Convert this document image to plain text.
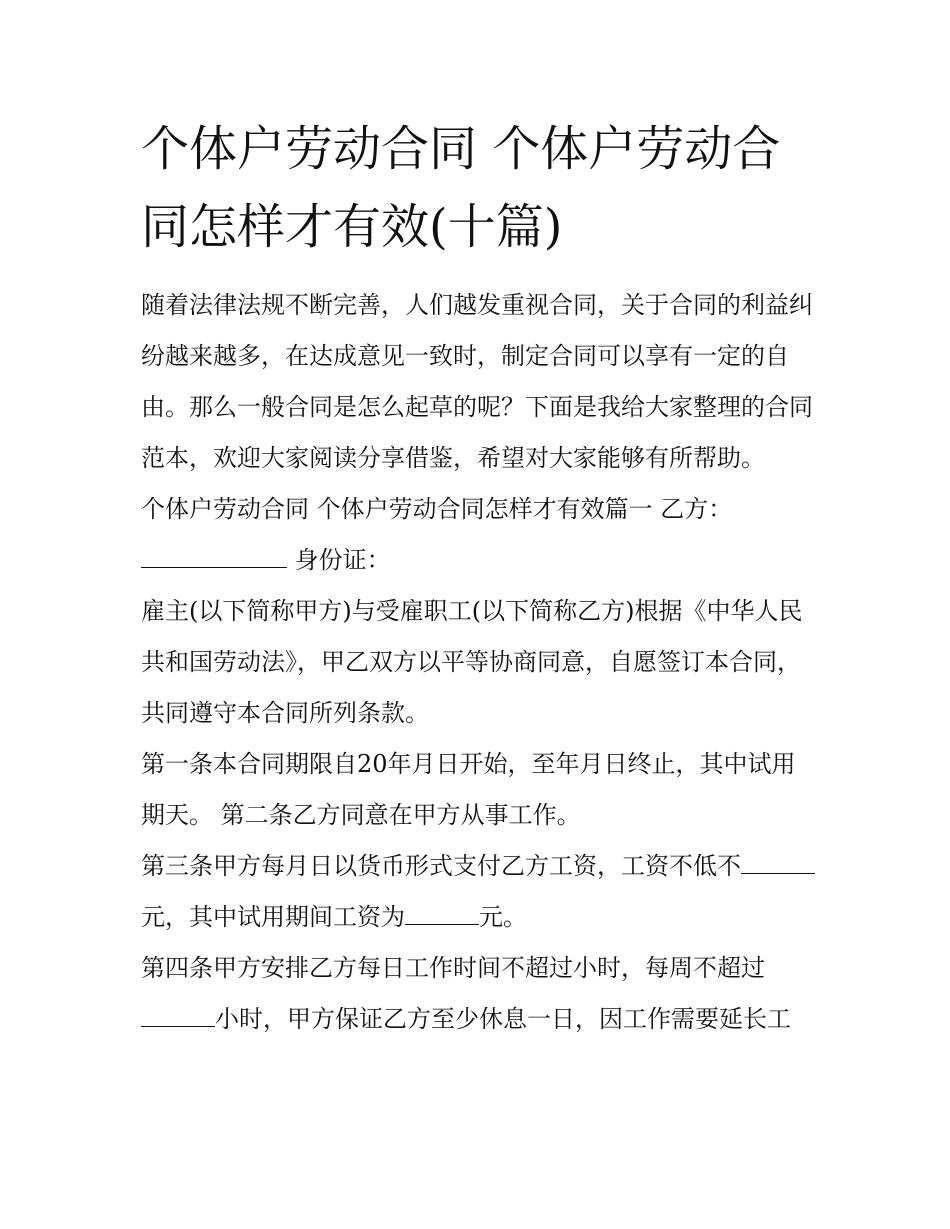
个体户劳动合同 个体户劳动合同怎样才有效(十篇)

随着法律法规不断完善，人们越发重视合同，关于合同的利益纠纷越来越多，在达成意见一致时，制定合同可以享有一定的自由。那么一般合同是怎么起草的呢？下面是我给大家整理的合同范本，欢迎大家阅读分享借鉴，希望对大家能够有所帮助。

个体户劳动合同 个体户劳动合同怎样才有效篇一 乙方：

身份证：

雇主(以下简称甲方)与受雇职工(以下简称乙方)根据《中华人民共和国劳动法》，甲乙双方以平等协商同意，自愿签订本合同，共同遵守本合同所列条款。

第一条本合同期限自20年月日开始，至年月日终止，其中试用期天。 第二条乙方同意在甲方从事工作。

第三条甲方每月日以货币形式支付乙方工资，工资不低不元，其中试用期间工资为	元。

第四条甲方安排乙方每日工作时间不超过小时，每周不超过小时，甲方保证乙方至少休息一日，因工作需要延长工
